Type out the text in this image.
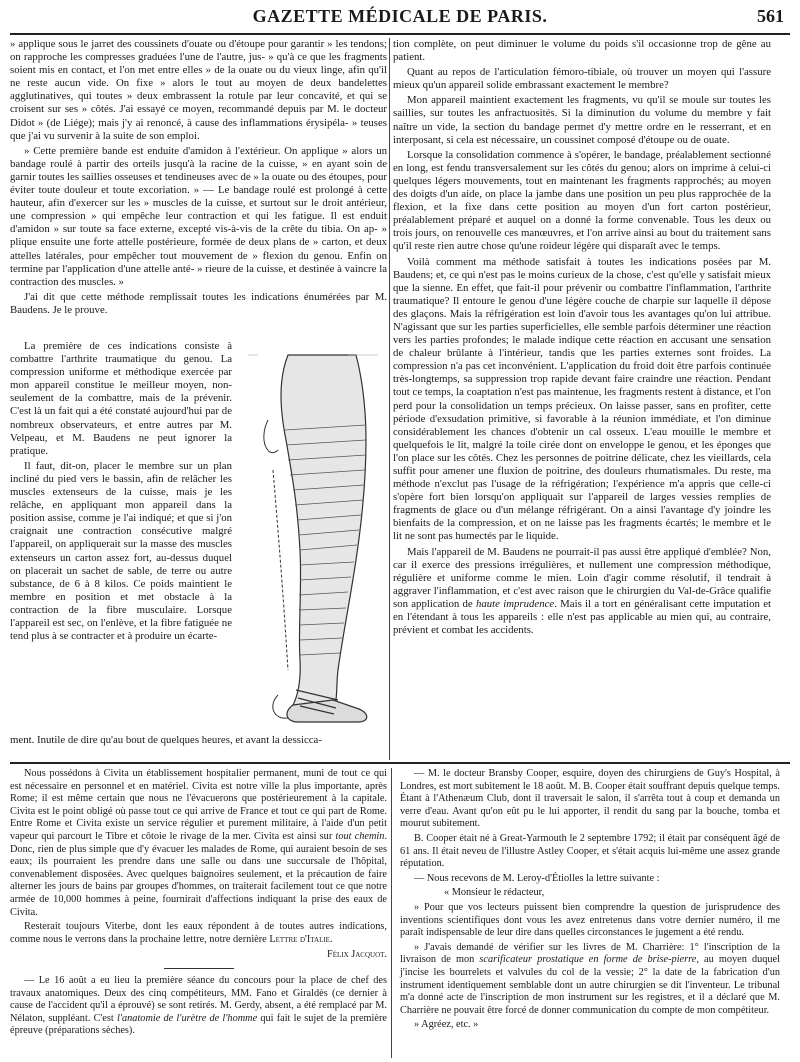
GAZETTE MÉDICALE DE PARIS.	561

» applique sous le jarret des coussinets d'ouate ou d'étoupe pour garantir » les tendons; on rapproche les compresses graduées l'une de l'autre, jus- » qu'à ce que les fragments soient mis en contact, et l'on met entre elles » de la ouate ou du vieux linge, afin qu'il ne reste aucun vide. On fixe » alors le tout au moyen de deux bandelettes agglutinatives, qui toutes » deux embrassent la rotule par leur concavité, et qui se croisent sur ses » côtés. J'ai essayé ce moyen, recommandé depuis par M. le docteur Didot » (de Liége); mais j'y ai renoncé, à cause des inflammations érysipéla- » teuses que j'ai vu survenir à la suite de son emploi.

» Cette première bande est enduite d'amidon à l'extérieur. On applique » alors un bandage roulé à partir des orteils jusqu'à la racine de la cuisse, » en ayant soin de garnir toutes les saillies osseuses et tendineuses avec de » la ouate ou des étoupes, pour éviter toute douleur et toute excoriation. » — Le bandage roulé est prolongé à cette hauteur, afin d'exercer sur les » muscles de la cuisse, et surtout sur le droit antérieur, une compression » qui empêche leur contraction et qui les fatigue. Il est enduit d'amidon » sur toute sa face externe, excepté vis-à-vis de la crête du tibia. On ap- » plique ensuite une forte attelle postérieure, formée de deux plans de » carton, et deux attelles latérales, pour empêcher tout mouvement de » flexion du genou. Enfin on termine par l'application d'une attelle anté- » rieure de la cuisse, et destinée à vaincre la contraction des muscles. »

J'ai dit que cette méthode remplissait toutes les indications énumérées par M. Baudens. Je le prouve.

La première de ces indications consiste à combattre l'arthrite traumatique du genou. La compression uniforme et méthodique exercée par mon appareil constitue le meilleur moyen, non-seulement de la combattre, mais de la prévenir. C'est là un fait qui a été constaté aujourd'hui par de nombreux observateurs, et entre autres par M. Velpeau, et M. Baudens ne peut ignorer la pratique.

Il faut, dit-on, placer le membre sur un plan incliné du pied vers le bassin, afin de relâcher les muscles extenseurs de la cuisse, mais je les relâche, en appliquant mon appareil dans la position assise, comme je l'ai indiqué; et que si j'on craignait une contraction consécutive malgré l'appareil, on appliquerait sur la masse des muscles extenseurs un carton assez fort, au-dessus duquel on placerait un sachet de sable, de terre ou autre substance, de 6 à 8 kilos. Ce poids maintient le membre en position et met obstacle à la contraction de la fibre musculaire. Lorsque l'appareil est sec, on l'enlève, et la fibre fatiguée ne tend plus à se contracter et à produire un écarte-

ment. Inutile de dire qu'au bout de quelques heures, et avant la dessicca-

tion complète, on peut diminuer le volume du poids s'il occasionne trop de gêne au patient.

Quant au repos de l'articulation fémoro-tibiale, où trouver un moyen qui l'assure mieux qu'un appareil solide embrassant exactement le membre?

Mon appareil maintient exactement les fragments, vu qu'il se moule sur toutes les saillies, sur toutes les anfractuosités. Si la diminution du volume du membre y fait naître un vide, la section du bandage permet d'y mettre ordre en le resserrant, et en interposant, si cela est nécessaire, un coussinet composé d'étoupe ou de ouate.

Lorsque la consolidation commence à s'opérer, le bandage, préalablement sectionné en long, est fendu transversalement sur les côtés du genou; alors on imprime à celui-ci quelques légers mouvements, tout en maintenant les fragments rapprochés; au moyen des doigts d'un aide, on place la jambe dans une position un peu plus rapprochée de la flexion, et la fixe dans cette position au moyen d'un fort carton postérieur, préalablement préparé et auquel on a donné la forme convenable. Tous les deux ou trois jours, on renouvelle ces manœuvres, et l'on arrive ainsi au bout du traitement sans qu'il reste rien autre chose qu'une roideur légère qui disparaît avec le temps.

Voilà comment ma méthode satisfait à toutes les indications posées par M. Baudens; et, ce qui n'est pas le moins curieux de la chose, c'est qu'elle y satisfait mieux que la sienne. En effet, que fait-il pour prévenir ou combattre l'inflammation, l'arthrite traumatique? Il entoure le genou d'une légère couche de charpie sur laquelle il dépose des glaçons. Mais la réfrigération est loin d'avoir tous les avantages qu'on lui attribue. N'agissant que sur les parties superficielles, elle semble parfois déterminer une réaction vers les parties profondes; le malade indique cette réaction en accusant une sensation de chaleur brûlante à l'intérieur, tandis que les parties externes sont froides. La compression n'a pas cet inconvénient. L'application du froid doit être parfois continuée très-longtemps, sa suppression trop rapide devant faire craindre une réaction. Pendant tout ce temps, la coaptation n'est pas maintenue, les fragments restent à distance, et l'on perd pour la consolidation un temps précieux. On laisse passer, sans en profiter, cette période d'exsudation primitive, si favorable à la réunion immédiate, et l'on diminue considérablement les chances d'obtenir un cal osseux. L'eau mouille le membre et quelquefois le lit, malgré la toile cirée dont on enveloppe le genou, et les éponges que l'on place sur les côtés. Chez les personnes de poitrine délicate, chez les vieillards, cela suffit pour amener une fluxion de poitrine, des douleurs rhumatismales. Du reste, ma méthode n'exclut pas l'usage de la réfrigération; l'expérience m'a appris que celle-ci s'opère fort bien lorsqu'on appliquait sur l'appareil de larges vessies remplies de fragments de glace ou d'un mélange réfrigérant. On a ainsi l'avantage d'y joindre les bienfaits de la compression, et on ne laisse pas les fragments écartés; le membre et le lit ne sont pas humectés par le liquide.

Mais l'appareil de M. Baudens ne pourrait-il pas aussi être appliqué d'emblée? Non, car il exerce des pressions irrégulières, et nullement une compression méthodique, régulière et uniforme comme le mien. Loin d'agir comme résolutif, il tendrait à aggraver l'inflammation, et c'est avec raison que le chirurgien du Val-de-Grâce qualifie son application de haute imprudence. Mais il a tort en généralisant cette imputation et en l'étendant à tous les appareils : elle n'est pas applicable au mien qui, au contraire, prévient et combat les accidents.

Nous possédons à Civita un établissement hospitalier permanent, muni de tout ce qui est nécessaire en personnel et en matériel. Civita est notre ville la plus importante, après Rome; il est même certain que nous ne l'évacuerons que postérieurement à la capitale. Civita est le point obligé où passe tout ce qui arrive de France et tout ce qui part de Rome. Entre Rome et Civita existe un service régulier et purement militaire, à l'aide d'un petit vapeur qui parcourt le Tibre et côtoie le rivage de la mer. Civita est ainsi sur tout chemin. Donc, rien de plus simple que d'y évacuer les malades de Rome, qui auraient besoin de ses eaux; ils pourraient les prendre dans une salle ou dans une succursale de l'hôpital, convenablement disposées. Avec quelques baignoires seulement, et la précaution de faire alterner les jours de bains par groupes d'hommes, on traiterait facilement tout ce que notre armée de 10,000 hommes à peine, fournirait d'affections indiquant la prise des eaux de Civita.

Resterait toujours Viterbe, dont les eaux répondent à de toutes autres indications, comme nous le verrons dans la prochaine lettre, notre dernière Lettre d'Italie.

Félix Jacquot.

— Le 16 août a eu lieu la première séance du concours pour la place de chef des travaux anatomiques. Deux des cinq compétiteurs, MM. Fano et Giraldès (ce dernier à cause de l'accident qu'il a éprouvé) se sont retirés. M. Gerdy, absent, a été remplacé par M. Nélaton, suppléant. C'est l'anatomie de l'urètre de l'homme qui fait le sujet de la première épreuve (préparations sèches).

— M. le docteur Bransby Cooper, esquire, doyen des chirurgiens de Guy's Hospital, à Londres, est mort subitement le 18 août. M. B. Cooper était souffrant depuis quelque temps. Étant à l'Athenæum Club, dont il traversait le salon, il s'arrêta tout à coup et demanda un verre d'eau. Avant qu'on eût pu le lui apporter, il rendit du sang par la bouche, tomba et mourut subitement.

B. Cooper était né à Great-Yarmouth le 2 septembre 1792; il était par conséquent âgé de 61 ans. Il était neveu de l'illustre Astley Cooper, et s'était acquis lui-même une assez grande réputation.

— Nous recevons de M. Leroy-d'Étiolles la lettre suivante :

« Monsieur le rédacteur,

» Pour que vos lecteurs puissent bien comprendre la question de jurisprudence des inventions scientifiques dont vous les avez entretenus dans votre dernier numéro, il me paraît indispensable de leur dire dans quelles circonstances le jugement a été rendu.

» J'avais demandé de vérifier sur les livres de M. Charrière: 1° l'inscription de la livraison de mon scarificateur prostatique en forme de brise-pierre, au moyen duquel j'incise les bourrelets et valvules du col de la vessie; 2° la date de la fabrication d'un instrument identiquement semblable dont un autre chirurgien se dit l'inventeur. Le tribunal m'a donné acte de l'inscription de mon instrument sur les registres, et il a déclaré que M. Charrière ne pouvait être forcé de donner communication du compte de mon compétiteur.

» Agréez, etc. »
